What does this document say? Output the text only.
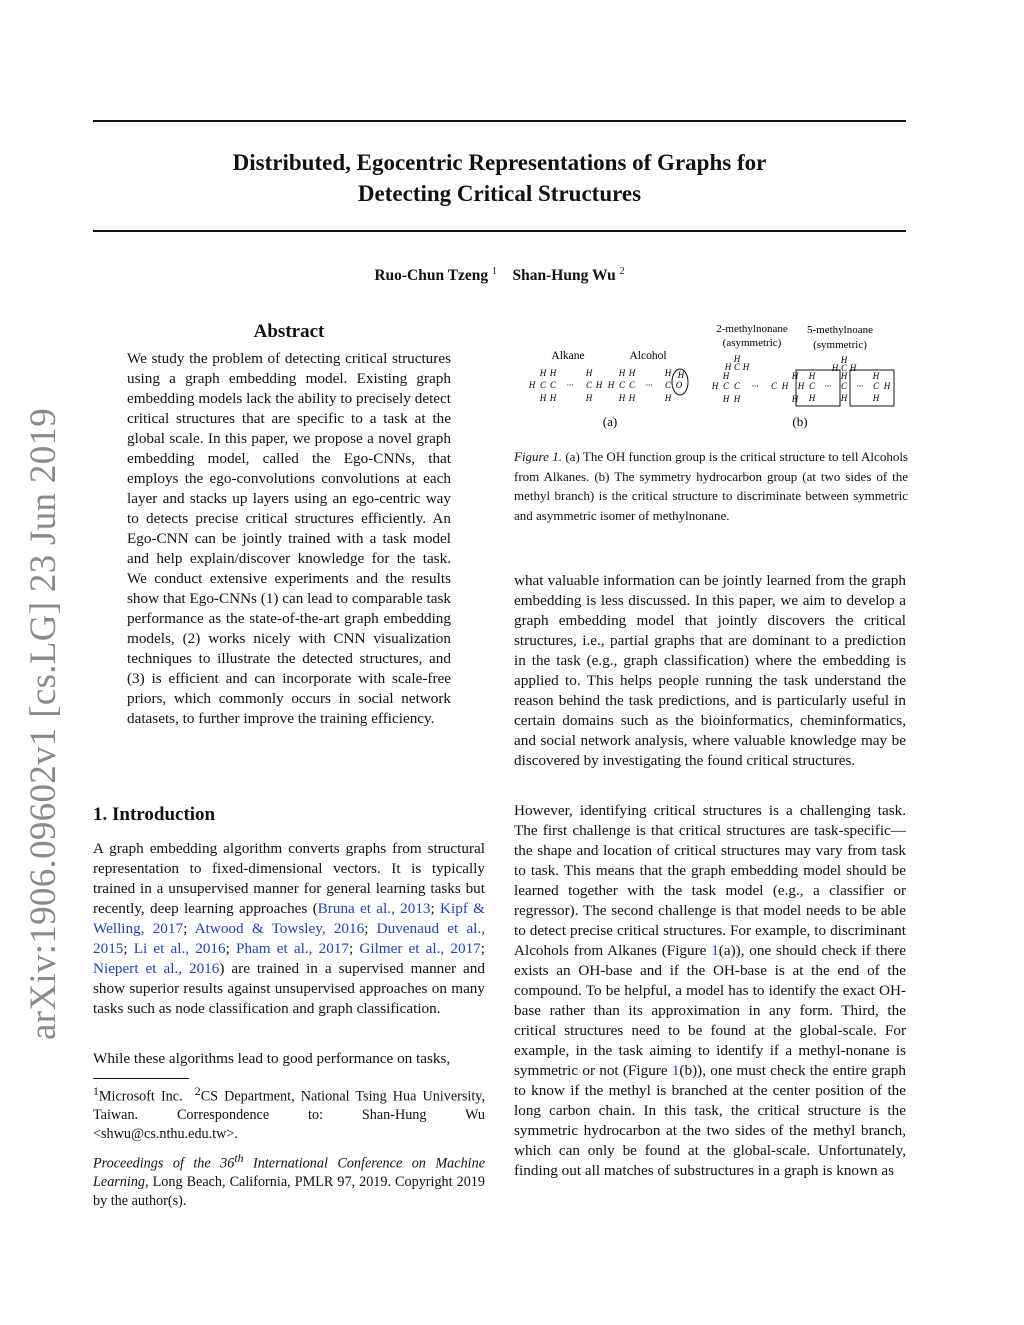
Distributed, Egocentric Representations of Graphs for
Detecting Critical Structures
Ruo-Chun Tzeng $^1$ Shan-Hung Wu $^2$
arXiv:1906.09602v1 [cs.LG] 23 Jun 2019
Abstract

We study the problem of detecting critical structures using a graph embedding model. Existing graph embedding models lack the ability to precisely detect critical structures that are specific to a task at the global scale. In this paper, we propose a novel graph embedding model, called the Ego-CNNs, that employs the ego-convolutions convolutions at each layer and stacks up layers using an ego-centric way to detects precise critical structures efficiently. An Ego-CNN can be jointly trained with a task model and help explain/discover knowledge for the task. We conduct extensive experiments and the results show that Ego-CNNs (1) can lead to comparable task performance as the state-of-the-art graph embedding models, (2) works nicely with CNN visualization techniques to illustrate the detected structures, and (3) is efficient and can incorporate with scale-free priors, which commonly occurs in social network datasets, to further improve the training efficiency.

1. Introduction

A graph embedding algorithm converts graphs from structural representation to fixed-dimensional vectors. It is typically trained in a unsupervised manner for general learning tasks but recently, deep learning approaches (Bruna et al., 2013; Kipf & Welling, 2017; Atwood & Towsley, 2016; Duvenaud et al., 2015; Li et al., 2016; Pham et al., 2017; Gilmer et al., 2017; Niepert et al., 2016) are trained in a supervised manner and show superior results against unsupervised approaches on many tasks such as node classification and graph classification.

While these algorithms lead to good performance on tasks,

$^1$Microsoft Inc.  $^2$CS Department, National Tsing Hua University, Taiwan. Correspondence to: Shan-Hung Wu <shwu@cs.nthu.edu.tw>.

Proceedings of the 36th International Conference on Machine Learning, Long Beach, California, PMLR 97, 2019. Copyright 2019 by the author(s).

Alkane	Alcohol
2-methylnonane
(asymmetric)
5-methylnoane
(symmetric)
H H	H
H C C ··· C H
H H	H
H H	H
H C C ··· C
H
O
H H	H
H
H C H
H	H
H C C ··· C H
H H	H
H
H C H
H	H	H
H C ··· C ··· C H
H	H	H
(a)	(b)

Figure 1. (a) The OH function group is the critical structure to tell Alcohols from Alkanes. (b) The symmetry hydrocarbon group (at two sides of the methyl branch) is the critical structure to discriminate between symmetric and asymmetric isomer of methylnonane.

what valuable information can be jointly learned from the graph embedding is less discussed. In this paper, we aim to develop a graph embedding model that jointly discovers the critical structures, i.e., partial graphs that are dominant to a prediction in the task (e.g., graph classification) where the embedding is applied to. This helps people running the task understand the reason behind the task predictions, and is particularly useful in certain domains such as the bioinformatics, cheminformatics, and social network analysis, where valuable knowledge may be discovered by investigating the found critical structures.

However, identifying critical structures is a challenging task. The first challenge is that critical structures are task-specific—the shape and location of critical structures may vary from task to task. This means that the graph embedding model should be learned together with the task model (e.g., a classifier or regressor). The second challenge is that model needs to be able to detect precise critical structures. For example, to discriminant Alcohols from Alkanes (Figure 1(a)), one should check if there exists an OH-base and if the OH-base is at the end of the compound. To be helpful, a model has to identify the exact OH-base rather than its approximation in any form. Third, the critical structures need to be found at the global-scale. For example, in the task aiming to identify if a methyl-nonane is symmetric or not (Figure 1(b)), one must check the entire graph to know if the methyl is branched at the center position of the long carbon chain. In this task, the critical structure is the symmetric hydrocarbon at the two sides of the methyl branch, which can only be found at the global-scale. Unfortunately, finding out all matches of substructures in a graph is known as
